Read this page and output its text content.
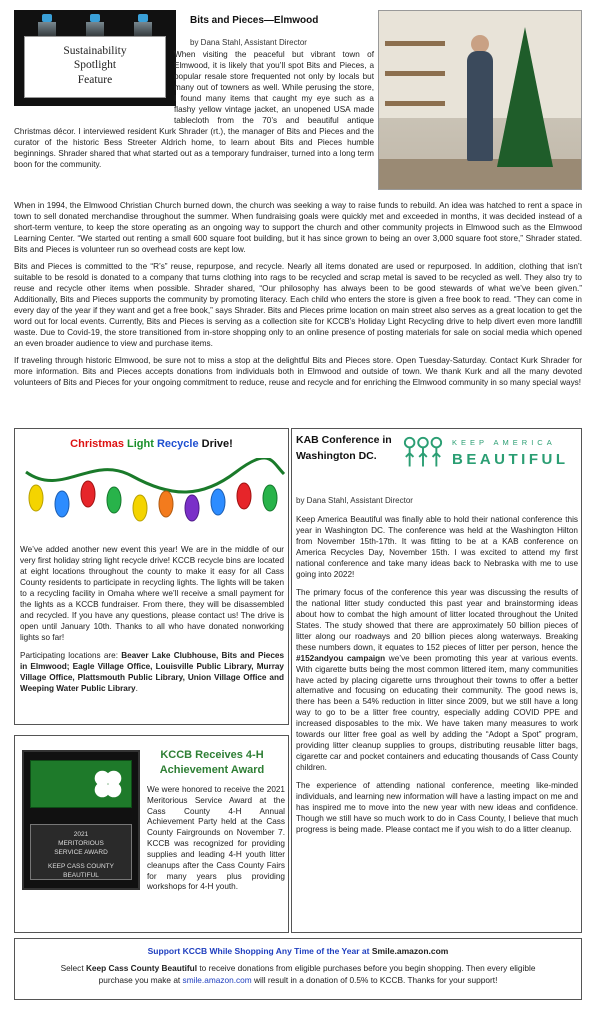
Sustainability
Spotlight
Feature
Bits and Pieces—Elmwood
by Dana Stahl, Assistant Director

When visiting the peaceful but vibrant town of Elmwood, it is likely that you’ll spot Bits and Pieces, a popular resale store frequented not only by locals but many out of towners as well. While perusing the store, I found many items that caught my eye such as a flashy yellow vintage jacket, an unopened USA made tablecloth from the 70’s and beautiful antique Christmas décor. I interviewed resident Kurk Shrader (rt.), the manager of Bits and Pieces and the curator of the historic Bess Streeter Aldrich home, to learn about Bits and Pieces humble beginnings. Shrader shared that what started out as a temporary fundraiser, turned into a long term boon for the community.

When in 1994, the Elmwood Christian Church burned down, the church was seeking a way to raise funds to rebuild. An idea was hatched to rent a space in town to sell donated merchandise throughout the summer. When fundraising goals were quickly met and exceeded in months, it was decided instead of a short-term venture, to keep the store operating as an ongoing way to support the church and other community projects in Elmwood such as the Elmwood Learning Center. “We started out renting a small 600 square foot building, but it has since grown to being an over 3,000 square foot store,” Shrader stated. Bits and Pieces is volunteer run so overhead costs are kept low.

Bits and Pieces is committed to the “R’s” reuse, repurpose, and recycle. Nearly all items donated are used or repurposed. In addition, clothing that isn’t suitable to be resold is donated to a company that turns clothing into rags to be recycled and scrap metal is saved to be recycled as well. They also try to reuse and recycle other items when possible. Shrader shared, “Our philosophy has always been to be good stewards of what we’ve been given.” Additionally, Bits and Pieces supports the community by promoting literacy. Each child who enters the store is given a free book to read. “They can come in every day of the year if they want and get a free book,” says Shrader. Bits and Pieces prime location on main street also serves as a great location to get the word out for local events. Currently, Bits and Pieces is serving as a collection site for KCCB’s Holiday Light Recycling drive to help divert even more landfill waste. Due to Covid-19, the store transitioned from in-store shopping only to an online presence of posting materials for sale on social media which opened an even broader audience to view and purchase items.

If traveling through historic Elmwood, be sure not to miss a stop at the delightful Bits and Pieces store. Open Tuesday-Saturday. Contact Kurk Shrader for more information. Bits and Pieces accepts donations from individuals both in Elmwood and outside of town. We thank Kurk and all the many devoted volunteers of Bits and Pieces for your ongoing commitment to reduce, reuse and recycle and for enriching the Elmwood community in so many special ways!

Christmas Light Recycle Drive!

We’ve added another new event this year! We are in the middle of our very first holiday string light recycle drive! KCCB recycle bins are located at eight locations throughout the county to make it easy for all Cass County residents to participate in recycling lights. The lights will be taken to a recycling facility in Omaha where we’ll receive a small payment for the lights as a KCCB fundraiser. From there, they will be disassembled and recycled. If you have any questions, please contact us! The drive is open until January 10th. Thanks to all who have donated nonworking lights so far!

Participating locations are: Beaver Lake Clubhouse, Bits and Pieces in Elmwood; Eagle Village Office, Louisville Public Library, Murray Village Office, Plattsmouth Public Library, Union Village Office and Weeping Water Public Library.

KCCB Receives 4-H
Achievement Award
2021
MERITORIOUS
SERVICE AWARD
KEEP CASS COUNTY BEAUTIFUL

We were honored to receive the 2021 Meritorious Service Award at the Cass County 4-H Annual Achievement Party held at the Cass County Fairgrounds on November 7. KCCB was recognized for providing supplies and leading 4-H youth litter cleanups after the Cass County Fairs for many years plus providing workshops for 4-H youth.

KAB Conference in
Washington DC.
KEEP AMERICA
BEAUTIFUL
by Dana Stahl, Assistant Director

Keep America Beautiful was finally able to hold their national conference this year in Washington DC. The conference was held at the Washington Hilton from November 15th-17th. It was fitting to be at a KAB conference on America Recycles Day, November 15th. I was excited to attend my first national conference and take many ideas back to Nebraska with me to use going into 2022!

The primary focus of the conference this year was discussing the results of the national litter study conducted this past year and brainstorming ideas about how to combat the high amount of litter located throughout the United States. The study showed that there are approximately 50 billion pieces of litter along our roadways and 20 billion pieces along waterways. Breaking these numbers down, it equates to 152 pieces of litter per person, hence the #152andyou campaign we’ve been promoting this year at various events. With cigarette butts being the most common littered item, many communities have acted by placing cigarette urns throughout their towns to offer a better alternative and focusing on educating their community. The good news is, there has been a 54% reduction in litter since 2009, but we still have a long way to go to be a litter free country, especially adding COVID PPE and increased disposables to the mix. We have taken many measures to work towards our litter free goal as well by adding the “Adopt a Spot” program, providing litter cleanup supplies to groups, distributing reusable litter bags, cigarette car and pocket containers and educating thousands of Cass County children.

The experience of attending national conference, meeting like-minded individuals, and learning new information will have a lasting impact on me and has inspired me to move into the new year with new ideas and confidence. Though we still have so much work to do in Cass County, I believe that much progress is being made. Please contact me if you wish to do a litter cleanup.

Support KCCB While Shopping Any Time of the Year at Smile.amazon.com
Select Keep Cass County Beautiful to receive donations from eligible purchases before you begin shopping. Then every eligible
purchase you make at smile.amazon.com will result in a donation of 0.5% to KCCB. Thanks for your support!
